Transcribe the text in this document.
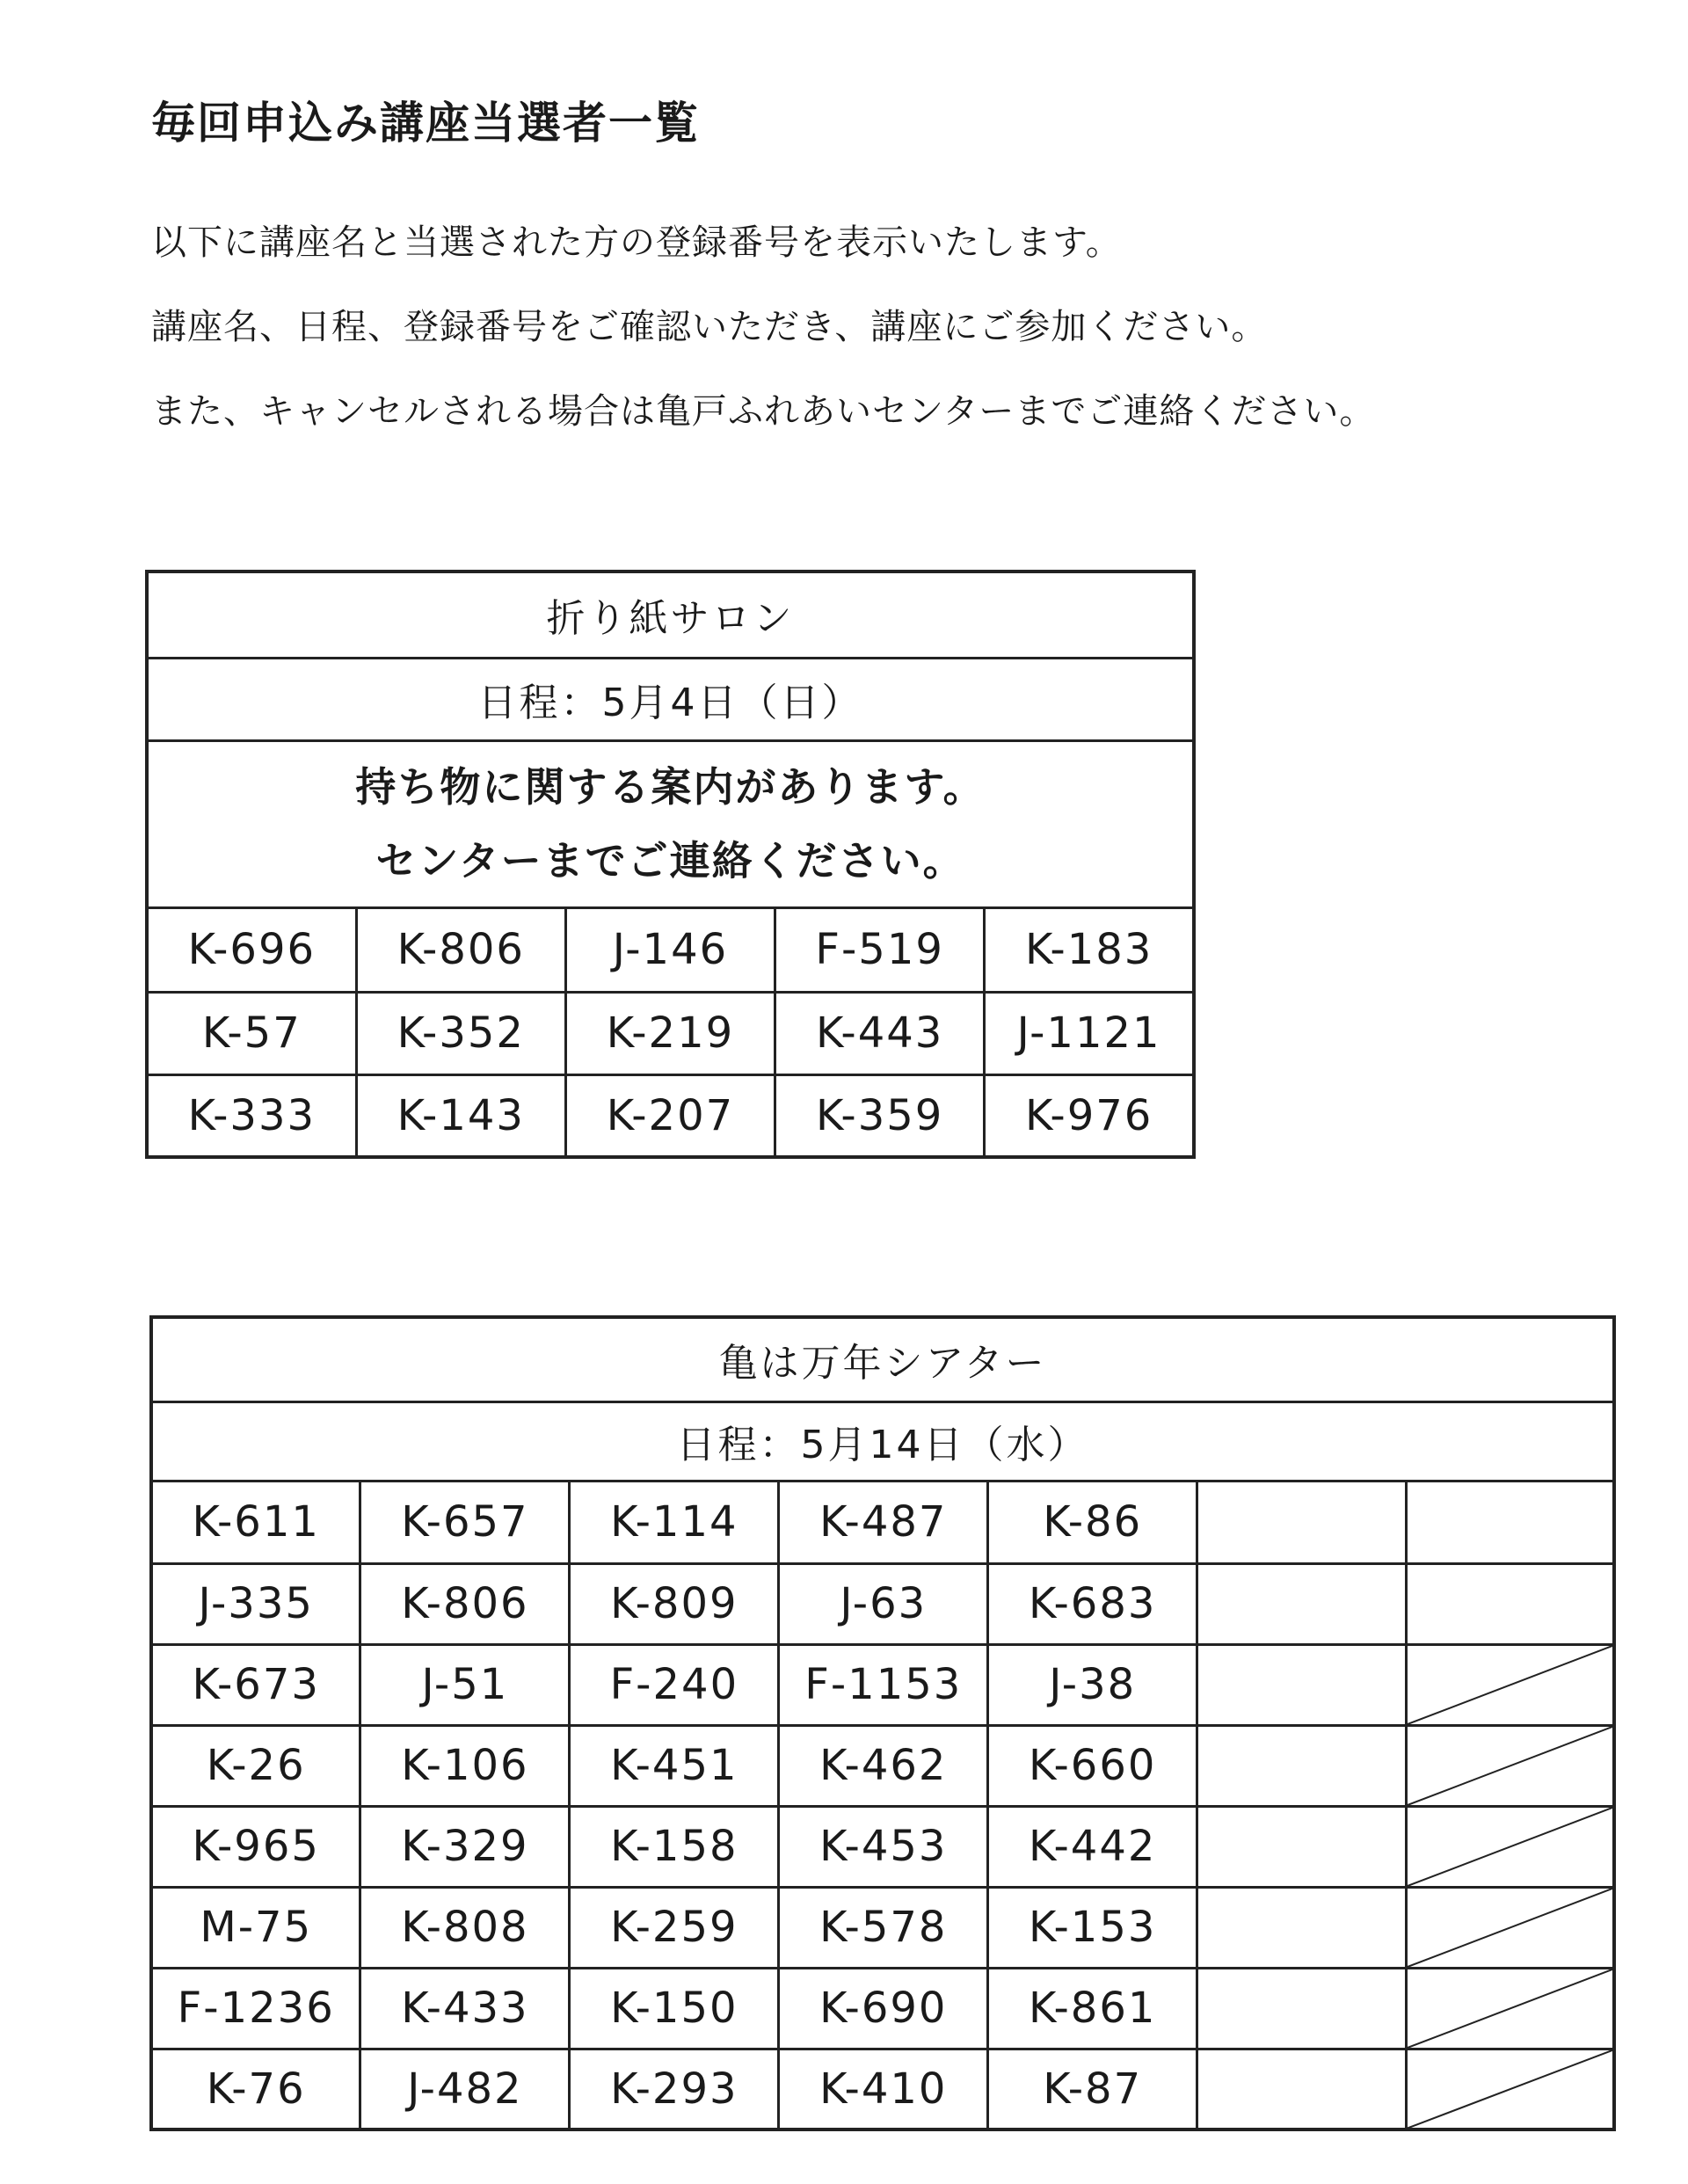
毎回申込み講座当選者一覧
以下に講座名と当選された方の登録番号を表示いたします。
講座名、日程、登録番号をご確認いただき、講座にご参加ください。
また、キャンセルされる場合は亀戸ふれあいセンターまでご連絡ください。
折り紙サロン				
日程：5月4日（日）				

持ち物に関する案内があります。
センターまでご連絡ください。				

K-696	K-806	J-146	F-519	K-183
K-57	K-352	K-219	K-443	J-1121
K-333	K-143	K-207	K-359	K-976
亀は万年シアター						
日程：5月14日（水）						
K-611	K-657	K-114	K-487	K-86		
J-335	K-806	K-809	J-63	K-683		
K-673	J-51	F-240	F-1153	J-38		

K-26	K-106	K-451	K-462	K-660		

K-965	K-329	K-158	K-453	K-442		

M-75	K-808	K-259	K-578	K-153		

F-1236	K-433	K-150	K-690	K-861		

K-76	J-482	K-293	K-410	K-87		
